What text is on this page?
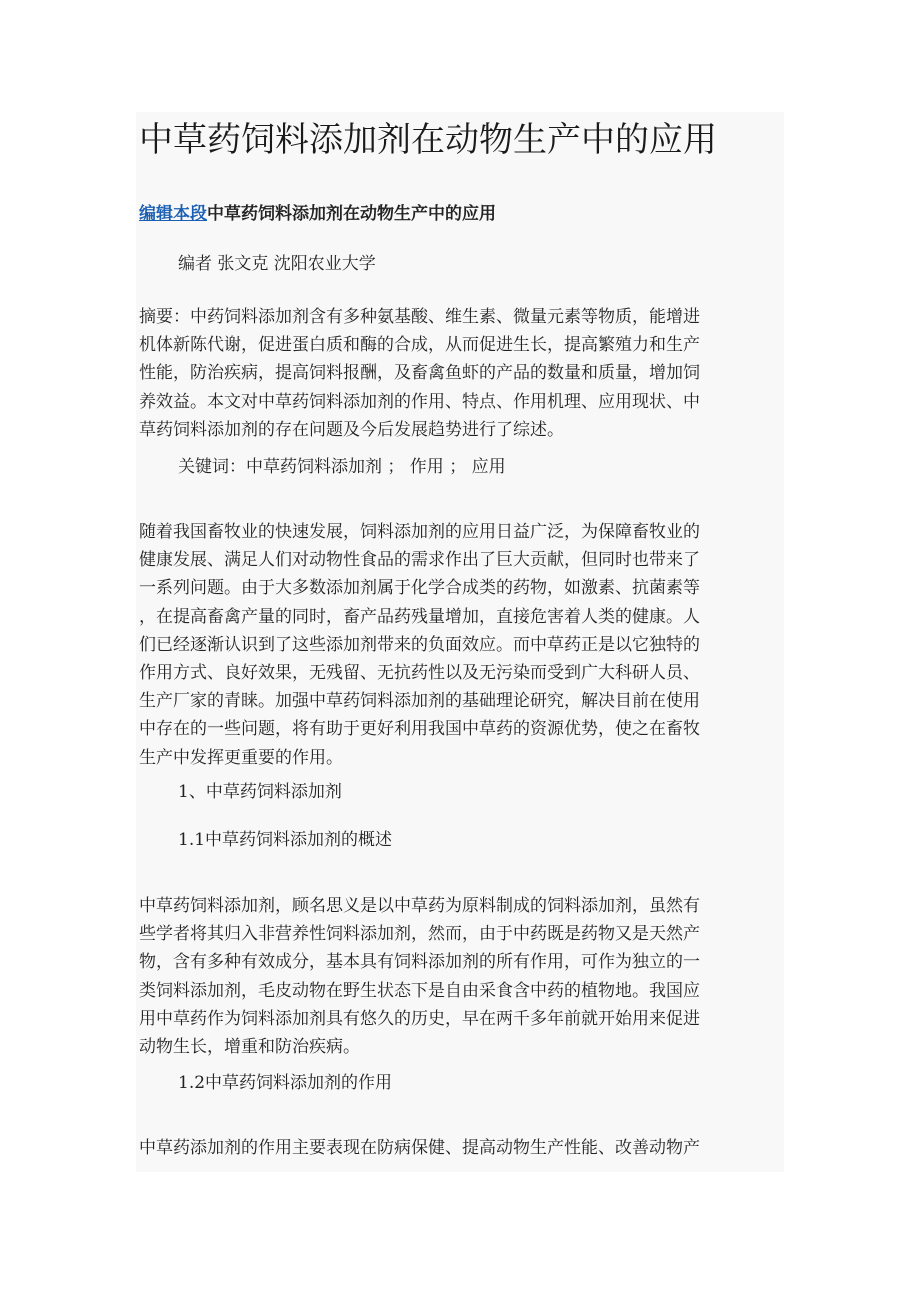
中草药饲料添加剂在动物生产中的应用
编辑本段中草药饲料添加剂在动物生产中的应用

编者 张文克 沈阳农业大学

摘要：中药饲料添加剂含有多种氨基酸、维生素、微量元素等物质，能增进
机体新陈代谢，促进蛋白质和酶的合成，从而促进生长，提高繁殖力和生产
性能，防治疾病，提高饲料报酬，及畜禽鱼虾的产品的数量和质量，增加饲
养效益。本文对中草药饲料添加剂的作用、特点、作用机理、应用现状、中
草药饲料添加剂的存在问题及今后发展趋势进行了综述。

关键词：中草药饲料添加剂 ； 作用 ； 应用

随着我国畜牧业的快速发展，饲料添加剂的应用日益广泛，为保障畜牧业的
健康发展、满足人们对动物性食品的需求作出了巨大贡献，但同时也带来了
一系列问题。由于大多数添加剂属于化学合成类的药物，如激素、抗菌素等
，在提高畜禽产量的同时，畜产品药残量增加，直接危害着人类的健康。人
们已经逐渐认识到了这些添加剂带来的负面效应。而中草药正是以它独特的
作用方式、良好效果，无残留、无抗药性以及无污染而受到广大科研人员、
生产厂家的青睐。加强中草药饲料添加剂的基础理论研究，解决目前在使用
中存在的一些问题，将有助于更好利用我国中草药的资源优势，使之在畜牧
生产中发挥更重要的作用。

1、中草药饲料添加剂

1.1中草药饲料添加剂的概述

中草药饲料添加剂，顾名思义是以中草药为原料制成的饲料添加剂，虽然有
些学者将其归入非营养性饲料添加剂，然而，由于中药既是药物又是天然产
物，含有多种有效成分，基本具有饲料添加剂的所有作用，可作为独立的一
类饲料添加剂，毛皮动物在野生状态下是自由采食含中药的植物地。我国应
用中草药作为饲料添加剂具有悠久的历史，早在两千多年前就开始用来促进
动物生长，增重和防治疾病。

1.2中草药饲料添加剂的作用

中草药添加剂的作用主要表现在防病保健、提高动物生产性能、改善动物产
